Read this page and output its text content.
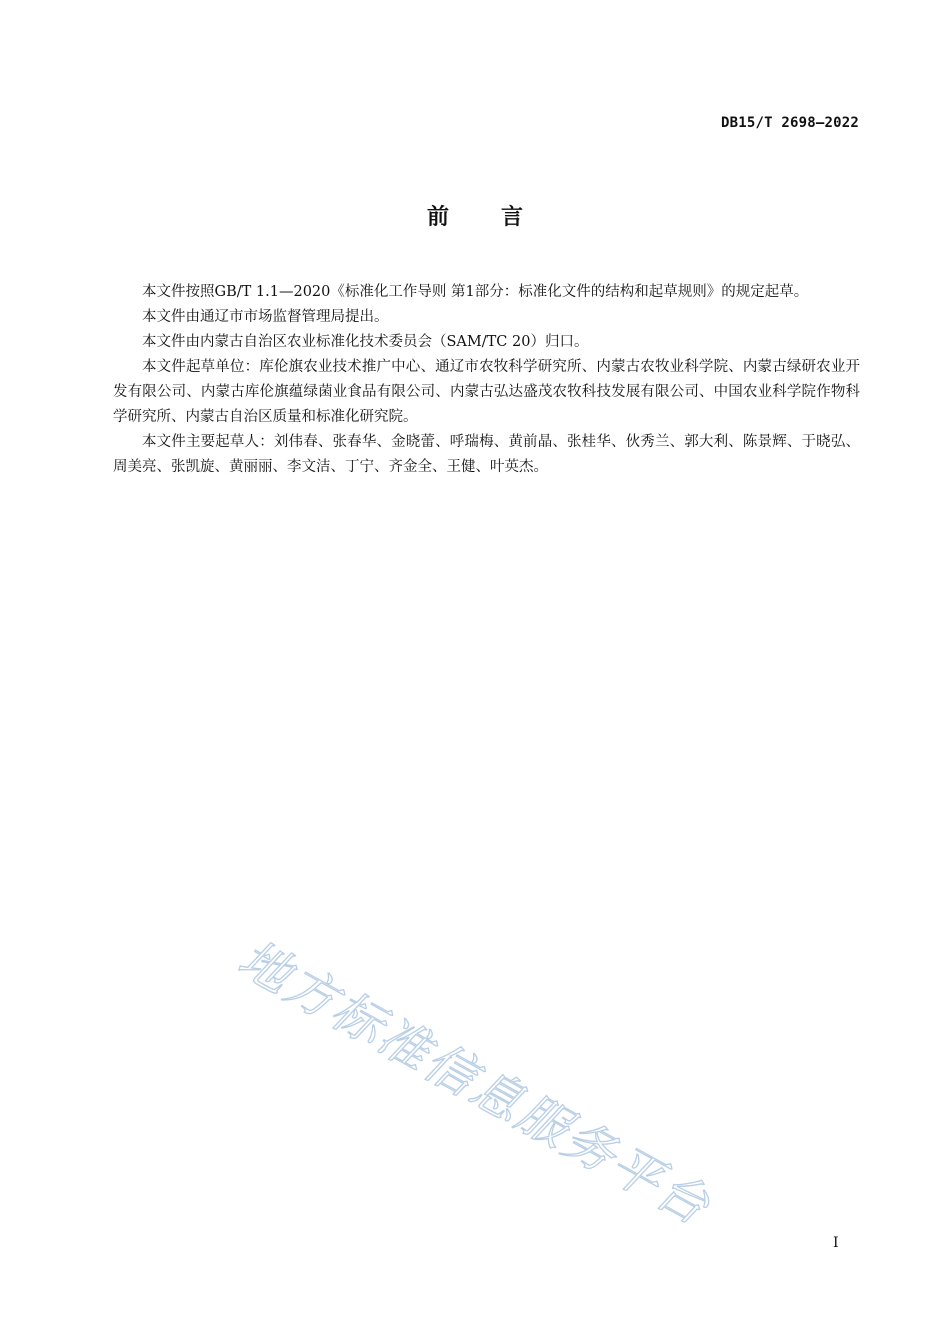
DB15/T 2698—2022
前言

本文件按照GB/T 1.1—2020《标准化工作导则 第1部分：标准化文件的结构和起草规则》的规定起草。

本文件由通辽市市场监督管理局提出。

本文件由内蒙古自治区农业标准化技术委员会（SAM/TC 20）归口。

本文件起草单位：库伦旗农业技术推广中心、通辽市农牧科学研究所、内蒙古农牧业科学院、内蒙古绿研农业开发有限公司、内蒙古库伦旗蕴绿菌业食品有限公司、内蒙古弘达盛茂农牧科技发展有限公司、中国农业科学院作物科学研究所、内蒙古自治区质量和标准化研究院。

本文件主要起草人：刘伟春、张春华、金晓蕾、呼瑞梅、黄前晶、张桂华、伙秀兰、郭大利、陈景辉、于晓弘、周美亮、张凯旋、黄丽丽、李文洁、丁宁、齐金全、王健、叶英杰。

地方标准信息服务平台
I
